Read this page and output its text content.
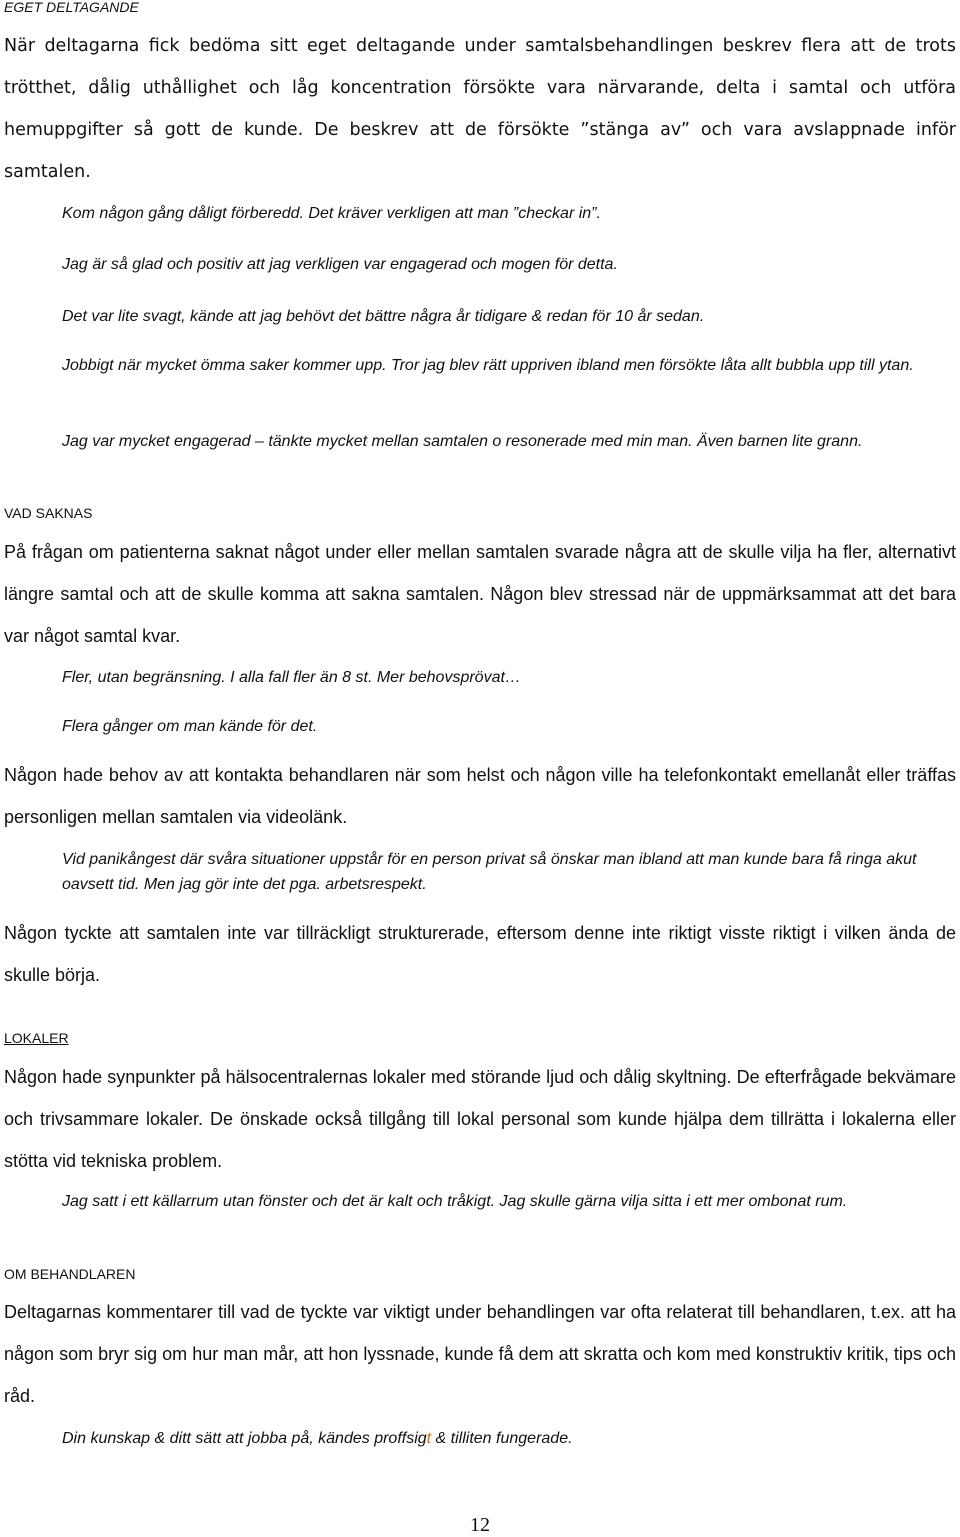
EGET DELTAGANDE
När deltagarna fick bedöma sitt eget deltagande under samtalsbehandlingen beskrev flera att de trots trötthet, dålig uthållighet och låg koncentration försökte vara närvarande, delta i samtal och utföra hemuppgifter så gott de kunde. De beskrev att de försökte ”stänga av” och vara avslappnade inför samtalen.
Kom någon gång dåligt förberedd. Det kräver verkligen att man ”checkar in”.
Jag är så glad och positiv att jag verkligen var engagerad och mogen för detta.
Det var lite svagt, kände att jag behövt det bättre några år tidigare & redan för 10 år sedan.
Jobbigt när mycket ömma saker kommer upp. Tror jag blev rätt uppriven ibland men försökte låta allt bubbla upp till ytan.
Jag var mycket engagerad – tänkte mycket mellan samtalen o resonerade med min man. Även barnen lite grann.
VAD SAKNAS
På frågan om patienterna saknat något under eller mellan samtalen svarade några att de skulle vilja ha fler, alternativt längre samtal och att de skulle komma att sakna samtalen. Någon blev stressad när de uppmärksammat att det bara var något samtal kvar.
Fler, utan begränsning. I alla fall fler än 8 st. Mer behovsprövat…
Flera gånger om man kände för det.
Någon hade behov av att kontakta behandlaren när som helst och någon ville ha telefonkontakt emellanåt eller träffas personligen mellan samtalen via videolänk.
Vid panikångest där svåra situationer uppstår för en person privat så önskar man ibland att man kunde bara få ringa akut oavsett tid. Men jag gör inte det pga. arbetsrespekt.
Någon tyckte att samtalen inte var tillräckligt strukturerade, eftersom denne inte riktigt visste riktigt i vilken ända de skulle börja.
LOKALER
Någon hade synpunkter på hälsocentralernas lokaler med störande ljud och dålig skyltning. De efterfrågade bekvämare och trivsammare lokaler. De önskade också tillgång till lokal personal som kunde hjälpa dem tillrätta i lokalerna eller stötta vid tekniska problem.
Jag satt i ett källarrum utan fönster och det är kalt och tråkigt. Jag skulle gärna vilja sitta i ett mer ombonat rum.
OM BEHANDLAREN
Deltagarnas kommentarer till vad de tyckte var viktigt under behandlingen var ofta relaterat till behandlaren, t.ex. att ha någon som bryr sig om hur man mår, att hon lyssnade, kunde få dem att skratta och kom med konstruktiv kritik, tips och råd.
Din kunskap & ditt sätt att jobba på, kändes proffsigt & tilliten fungerade.
12
